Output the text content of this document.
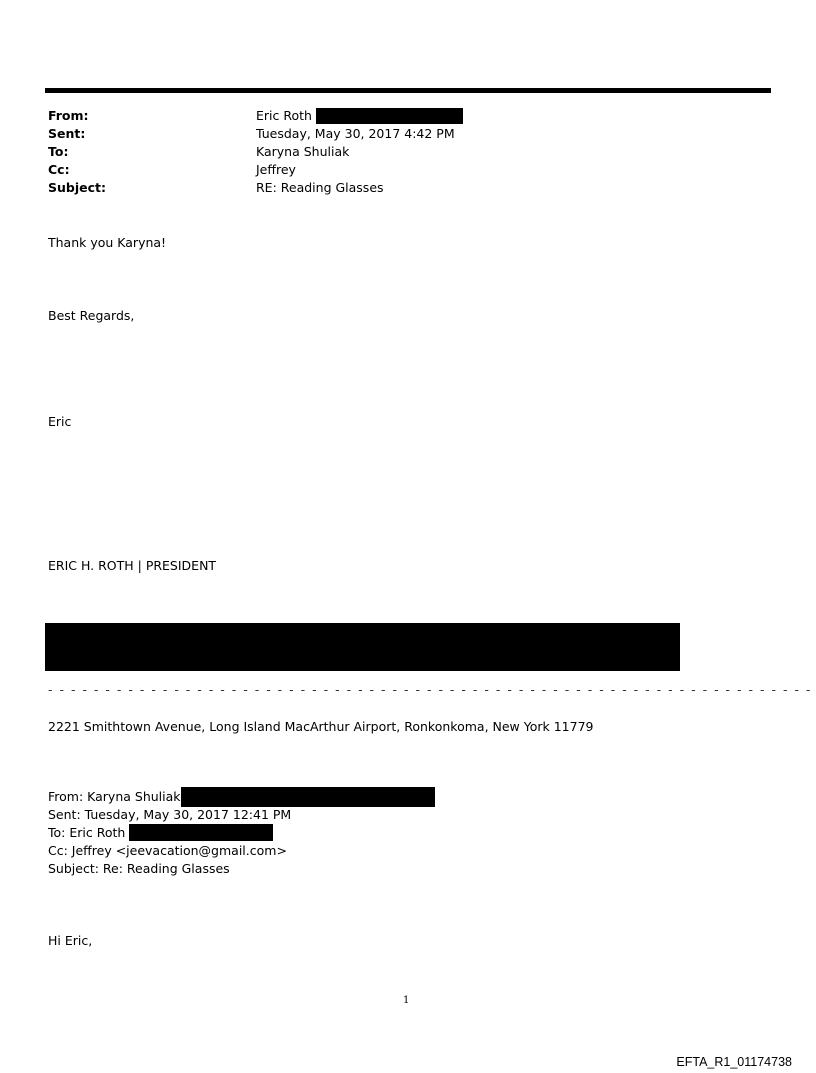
From:	Eric Roth
Sent:	Tuesday, May 30, 2017 4:42 PM
To:	Karyna Shuliak
Cc:	Jeffrey
Subject:	RE: Reading Glasses
Thank you Karyna!
Best Regards,
Eric
ERIC H. ROTH | PRESIDENT
- - - - - - - - - - - - - - - - - - - - - - - - - - - - - - - - - - - - - - - - - - - - - - - - - - - - - - - - - - - - - - - - - - -
2221 Smithtown Avenue, Long Island MacArthur Airport, Ronkonkoma, New York 11779
From: Karyna Shuliak
Sent: Tuesday, May 30, 2017 12:41 PM
To: Eric Roth
Cc: Jeffrey <jeevacation@gmail.com>
Subject: Re: Reading Glasses
Hi Eric,
1
EFTA_R1_01174738
